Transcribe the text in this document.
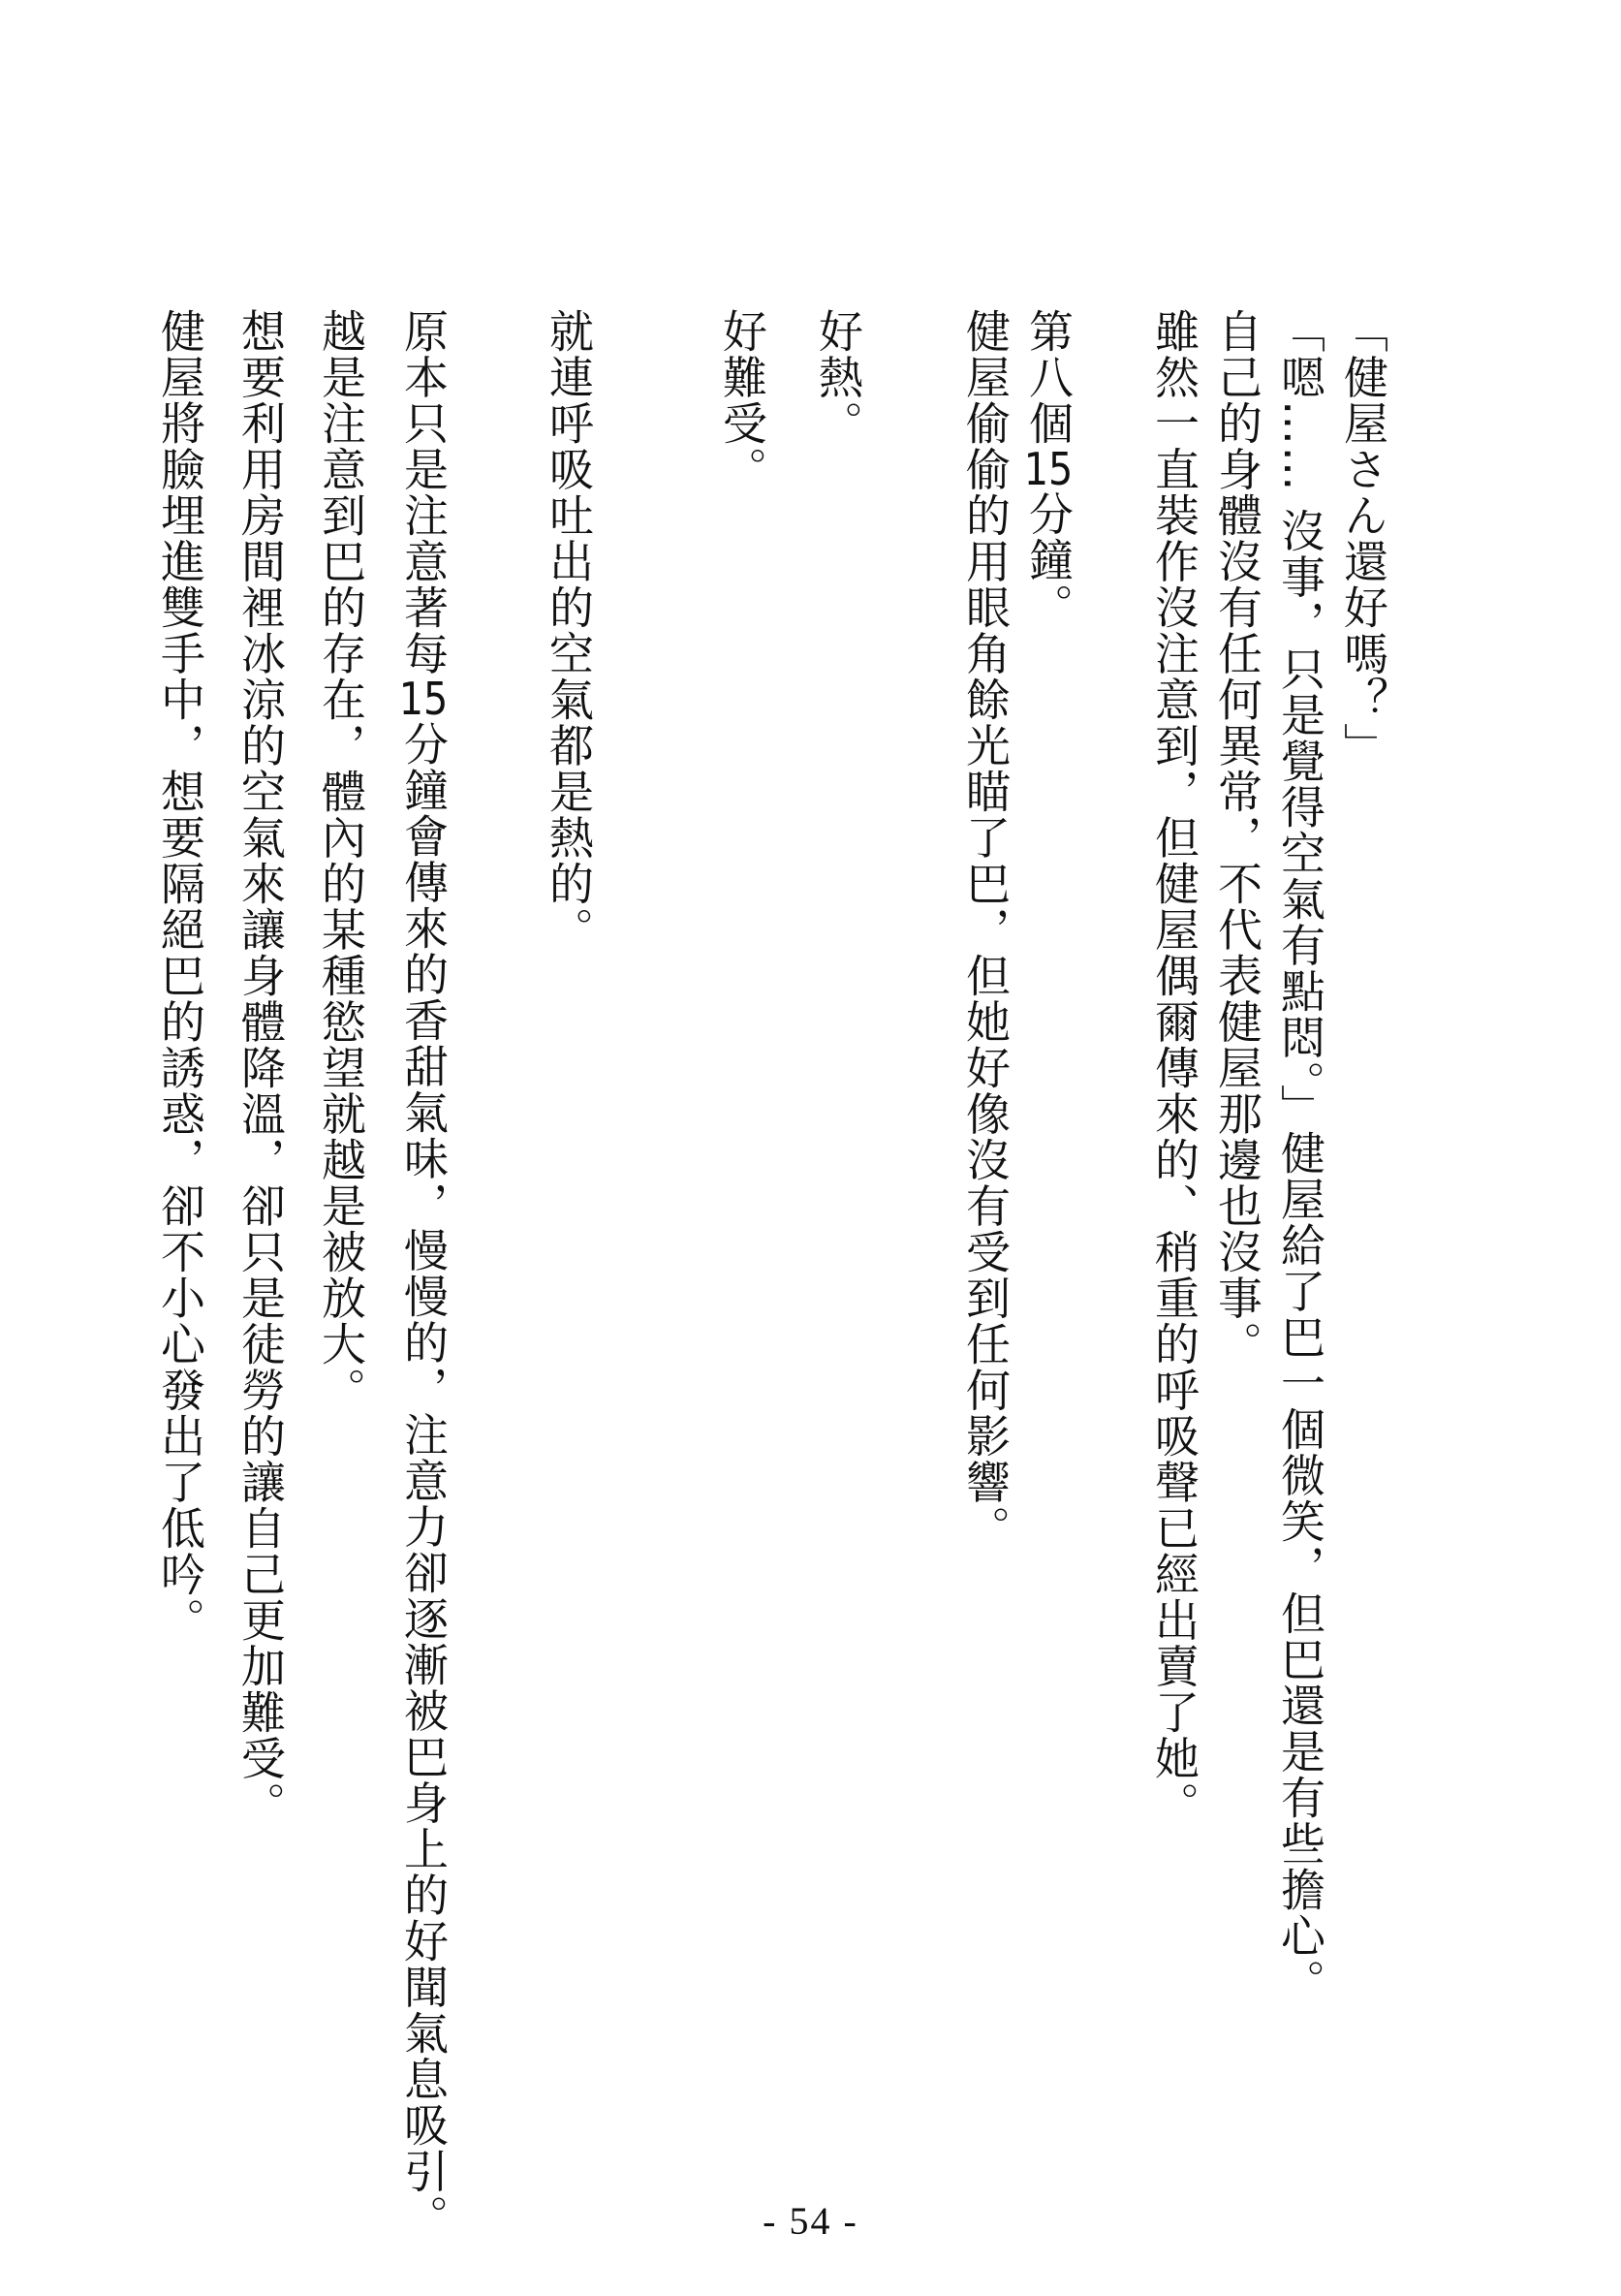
「健屋さん還好嗎？」
「嗯…… 沒事，只是覺得空氣有點悶。」健屋給了巴一個微笑，但巴還是有些擔心。
自己的身體沒有任何異常，不代表健屋那邊也沒事。
雖然一直裝作沒注意到，但健屋偶爾傳來的、稍重的呼吸聲已經出賣了她。
第八個15分鐘。
健屋偷偷的用眼角餘光瞄了巴，但她好像沒有受到任何影響。
好熱。
好難受。
就連呼吸吐出的空氣都是熱的。
原本只是注意著每15分鐘會傳來的香甜氣味，慢慢的，注意力卻逐漸被巴身上的好聞氣息吸引。
越是注意到巴的存在，體內的某種慾望就越是被放大。
想要利用房間裡冰涼的空氣來讓身體降溫，卻只是徒勞的讓自己更加難受。
健屋將臉埋進雙手中，想要隔絕巴的誘惑，卻不小心發出了低吟。
- 54 -
